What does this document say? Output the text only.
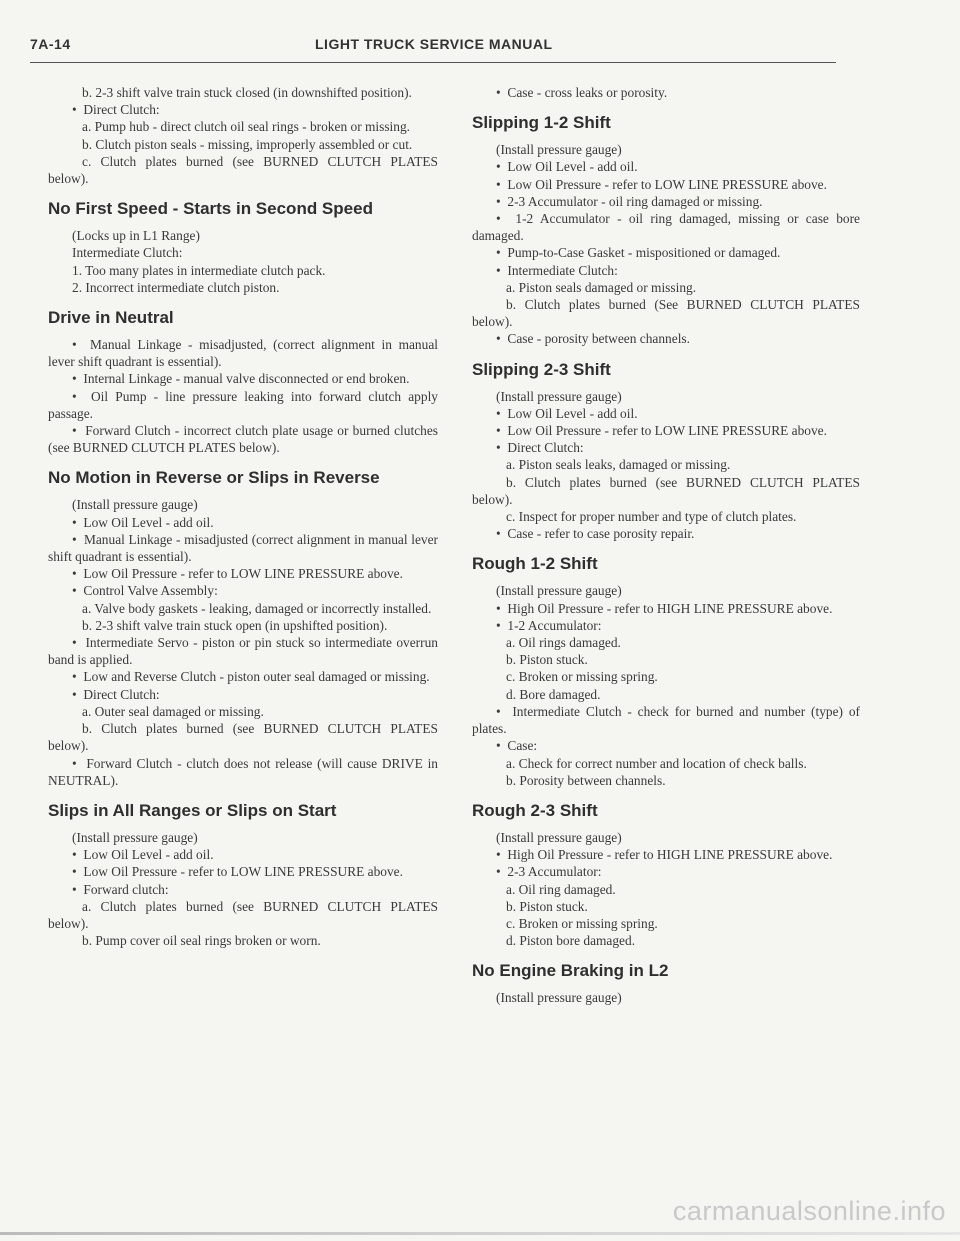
7A-14	LIGHT TRUCK SERVICE MANUAL

b. 2-3 shift valve train stuck closed (in downshifted position).

•  Direct Clutch:

a. Pump hub - direct clutch oil seal rings - broken or missing.

b. Clutch piston seals - missing, improperly assembled or cut.

c. Clutch plates burned (see BURNED CLUTCH PLATES below).

No First Speed - Starts in Second Speed

(Locks up in L1 Range)

Intermediate Clutch:

1. Too many plates in intermediate clutch pack.

2. Incorrect intermediate clutch piston.

Drive in Neutral

•  Manual Linkage - misadjusted, (correct alignment in manual lever shift quadrant is essential).

•  Internal Linkage - manual valve disconnected or end broken.

•  Oil Pump - line pressure leaking into forward clutch apply passage.

•  Forward Clutch - incorrect clutch plate usage or burned clutches (see BURNED CLUTCH PLATES below).

No Motion in Reverse or Slips in Reverse

(Install pressure gauge)

•  Low Oil Level - add oil.

•  Manual Linkage - misadjusted (correct alignment in manual lever shift quadrant is essential).

•  Low Oil Pressure - refer to LOW LINE PRESSURE above.

•  Control Valve Assembly:

a. Valve body gaskets - leaking, damaged or incorrectly installed.

b. 2-3 shift valve train stuck open (in upshifted position).

•  Intermediate Servo - piston or pin stuck so intermediate overrun band is applied.

•  Low and Reverse Clutch - piston outer seal damaged or missing.

•  Direct Clutch:

a. Outer seal damaged or missing.

b. Clutch plates burned (see BURNED CLUTCH PLATES below).

•  Forward Clutch - clutch does not release (will cause DRIVE in NEUTRAL).

Slips in All Ranges or Slips on Start

(Install pressure gauge)

•  Low Oil Level - add oil.

•  Low Oil Pressure - refer to LOW LINE PRESSURE above.

•  Forward clutch:

a. Clutch plates burned (see BURNED CLUTCH PLATES below).

b. Pump cover oil seal rings broken or worn.

•  Case - cross leaks or porosity.

Slipping 1-2 Shift

(Install pressure gauge)

•  Low Oil Level - add oil.

•  Low Oil Pressure - refer to LOW LINE PRESSURE above.

•  2-3 Accumulator - oil ring damaged or missing.

•  1-2 Accumulator - oil ring damaged, missing or case bore damaged.

•  Pump-to-Case Gasket - mispositioned or damaged.

•  Intermediate Clutch:

a. Piston seals damaged or missing.

b. Clutch plates burned (See BURNED CLUTCH PLATES below).

•  Case - porosity between channels.

Slipping 2-3 Shift

(Install pressure gauge)

•  Low Oil Level - add oil.

•  Low Oil Pressure - refer to LOW LINE PRESSURE above.

•  Direct Clutch:

a. Piston seals leaks, damaged or missing.

b. Clutch plates burned (see BURNED CLUTCH PLATES below).

c. Inspect for proper number and type of clutch plates.

•  Case - refer to case porosity repair.

Rough 1-2 Shift

(Install pressure gauge)

•  High Oil Pressure - refer to HIGH LINE PRESSURE above.

•  1-2 Accumulator:

a. Oil rings damaged.

b. Piston stuck.

c. Broken or missing spring.

d. Bore damaged.

•  Intermediate Clutch - check for burned and number (type) of plates.

•  Case:

a. Check for correct number and location of check balls.

b. Porosity between channels.

Rough 2-3 Shift

(Install pressure gauge)

•  High Oil Pressure - refer to HIGH LINE PRESSURE above.

•  2-3 Accumulator:

a. Oil ring damaged.

b. Piston stuck.

c. Broken or missing spring.

d. Piston bore damaged.

No Engine Braking in L2

(Install pressure gauge)

carmanualsonline.info
